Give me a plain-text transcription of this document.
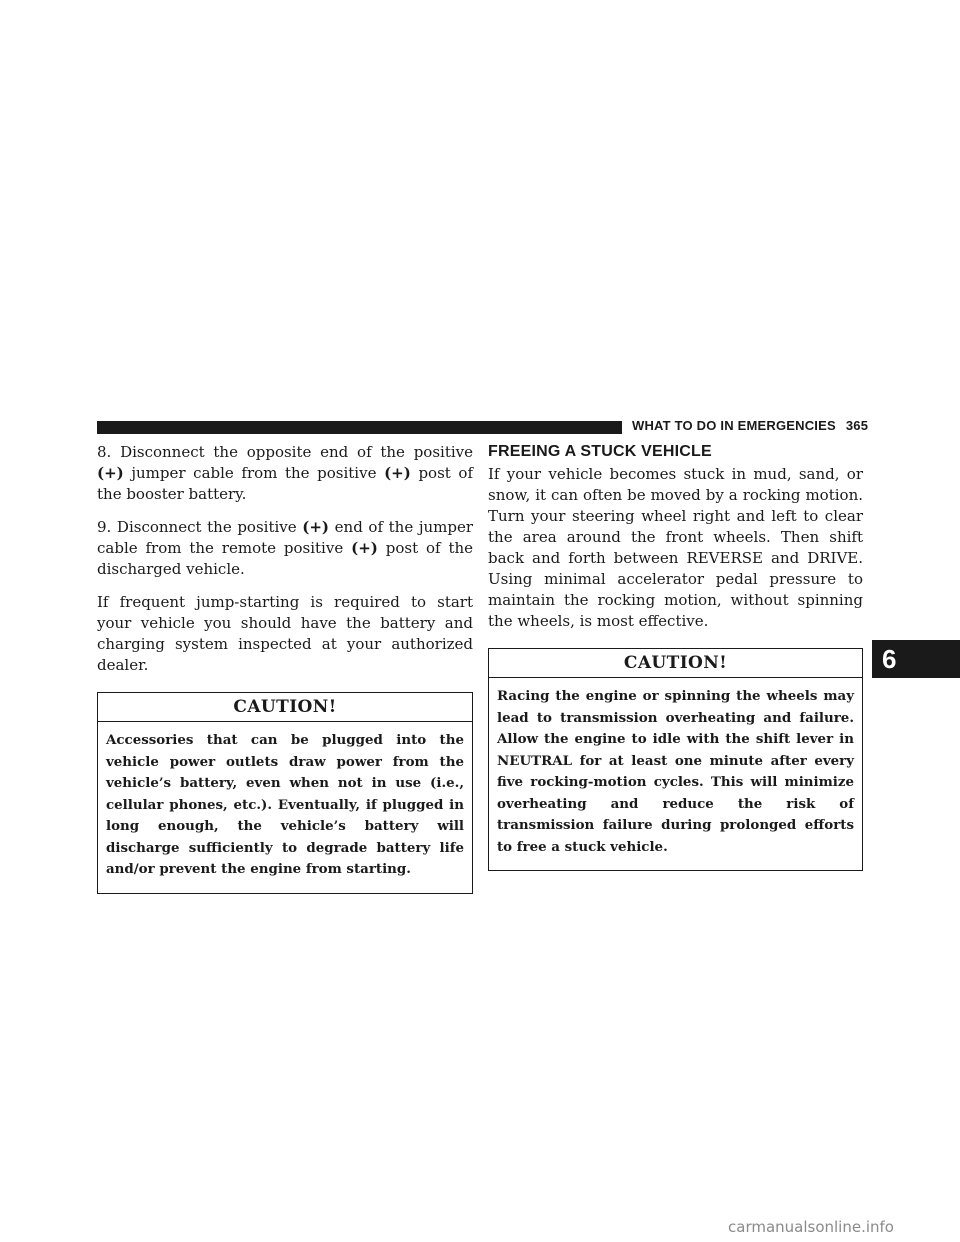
WHAT TO DO IN EMERGENCIES 365

8. Disconnect the opposite end of the positive (+) jumper cable from the positive (+) post of the booster battery.

9. Disconnect the positive (+) end of the jumper cable from the remote positive (+) post of the discharged vehicle.

If frequent jump-starting is required to start your vehicle you should have the battery and charging system inspected at your authorized dealer.

CAUTION!
Accessories that can be plugged into the vehicle power outlets draw power from the vehicle’s battery, even when not in use (i.e., cellular phones, etc.). Eventually, if plugged in long enough, the vehicle’s battery will discharge sufficiently to degrade battery life and/or prevent the engine from starting.
FREEING A STUCK VEHICLE

If your vehicle becomes stuck in mud, sand, or snow, it can often be moved by a rocking motion. Turn your steering wheel right and left to clear the area around the front wheels. Then shift back and forth between REVERSE and DRIVE. Using minimal accelerator pedal pressure to maintain the rocking motion, without spinning the wheels, is most effective.

CAUTION!
Racing the engine or spinning the wheels may lead to transmission overheating and failure. Allow the engine to idle with the shift lever in NEUTRAL for at least one minute after every five rocking-motion cycles. This will minimize overheating and reduce the risk of transmission failure during prolonged efforts to free a stuck vehicle.
6
carmanualsonline.info
